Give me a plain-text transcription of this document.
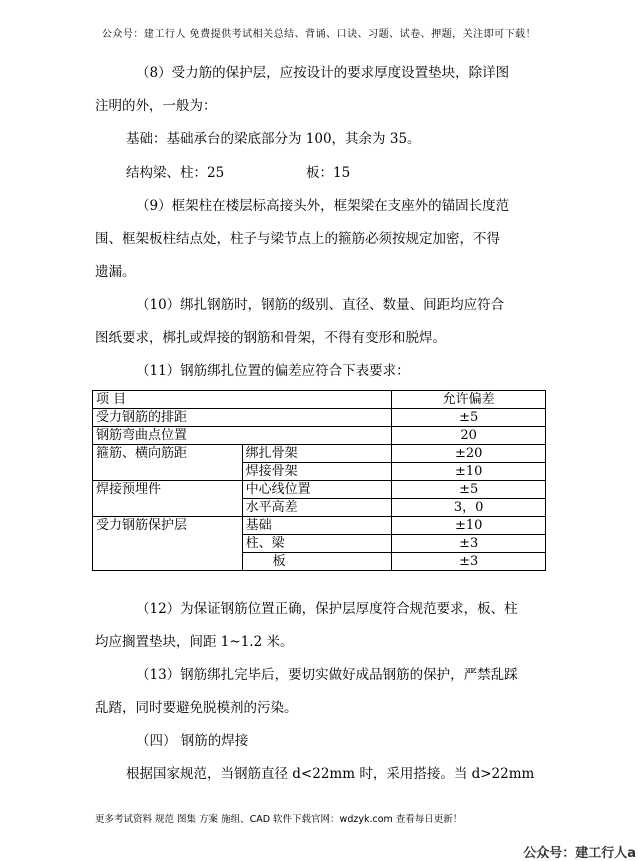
公众号：建工行人 免费提供考试相关总结、背诵、口诀、习题、试卷、押题，关注即可下载！
（8）受力筋的保护层，应按设计的要求厚度设置垫块，除详图
注明的外，一般为：
基础：基础承台的梁底部分为 100，其余为 35。
结构梁、柱：25	板：15
（9）框架柱在楼层标高接头外，框架梁在支座外的锚固长度范
围、框架板柱结点处，柱子与梁节点上的箍筋必须按规定加密，不得
遗漏。
（10）绑扎钢筋时，钢筋的级别、直径、数量、间距均应符合
图纸要求，梆扎或焊接的钢筋和骨架，不得有变形和脱焊。
（11）钢筋绑扎位置的偏差应符合下表要求：
项 目		允许偏差
受力钢筋的排距		±5
钢筋弯曲点位置		20
箍筋、横向筋距	绑扎骨架	±20
	焊接骨架	±10
焊接预埋件	中心线位置	±5
	水平高差	3，0
受力钢筋保护层	基础	±10
	柱、梁	±3
	板	±3
（12）为保证钢筋位置正确，保护层厚度符合规范要求，板、柱
均应搁置垫块，间距 1~1.2 米。
（13）钢筋绑扎完毕后，要切实做好成品钢筋的保护，严禁乱踩
乱踏，同时要避免脱模剂的污染。
（四） 钢筋的焊接
根据国家规范，当钢筋直径 d<22mm 时，采用搭接。当 d>22mm
更多考试资料 规范 图集 方案 施组、CAD 软件下载官网：wdzyk.com 查看每日更新！
公众号：建工行人a
